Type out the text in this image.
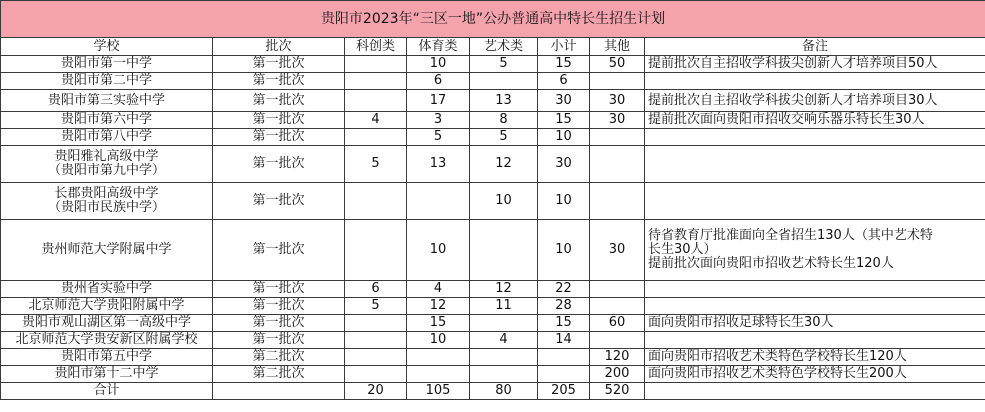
贵阳市2023年“三区一地”公办普通高中特长生招生计划							
学校	批次	科创类	体育类	艺术类	小计	其他	备注
贵阳市第一中学	第一批次		10	5	15	50	提前批次自主招收学科拔尖创新人才培养项目50人
贵阳市第二中学	第一批次		6		6		
贵阳市第三实验中学	第一批次		17	13	30	30	提前批次自主招收学科拔尖创新人才培养项目30人
贵阳市第六中学	第一批次	4	3	8	15	30	提前批次面向贵阳市招收交响乐器乐特长生30人
贵阳市第八中学	第一批次		5	5	10		

贵阳雅礼高级中学
（贵阳市第九中学）	第一批次	5	13	12	30		

长郡贵阳高级中学
（贵阳市民族中学）	第一批次			10	10		
贵州师范大学附属中学	第一批次		10		10	30	待省教育厅批准面向全省招生130人（其中艺术特
长生30人）
提前批次面向贵阳市招收艺术特长生120人

贵州省实验中学	第一批次	6	4	12	22		
北京师范大学贵阳附属中学	第一批次	5	12	11	28		
贵阳市观山湖区第一高级中学	第一批次		15		15	60	面向贵阳市招收足球特长生30人
北京师范大学贵安新区附属学校	第一批次		10	4	14		
贵阳市第五中学	第二批次					120	面向贵阳市招收艺术类特色学校特长生120人
贵阳市第十二中学	第二批次					200	面向贵阳市招收艺术类特色学校特长生200人
合计		20	105	80	205	520	
